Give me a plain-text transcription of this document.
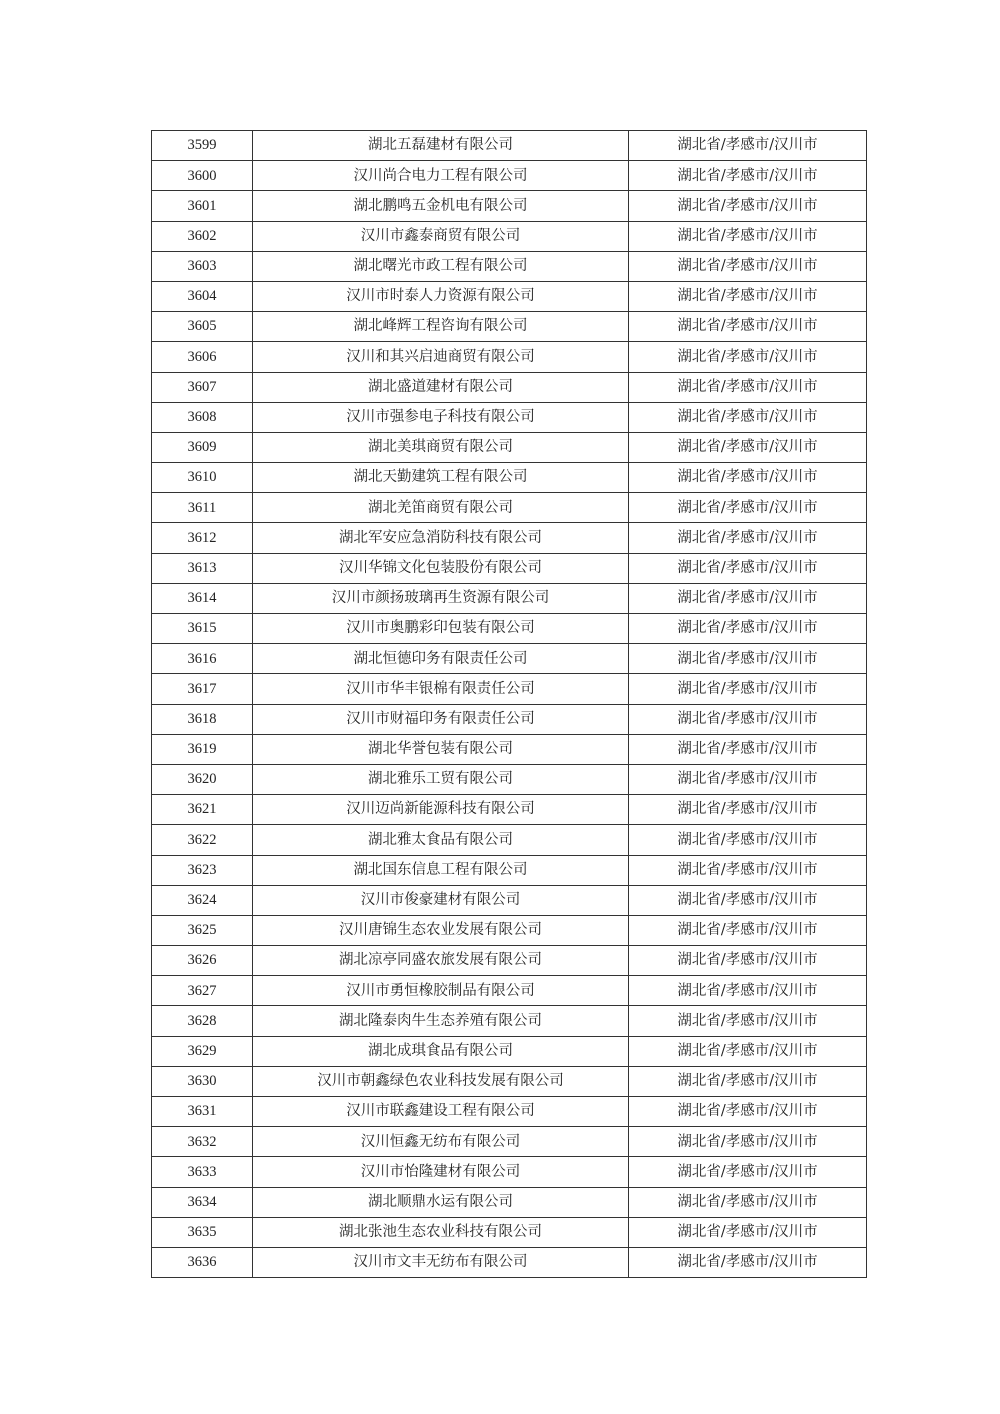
3599	湖北五磊建材有限公司	湖北省/孝感市/汉川市
3600	汉川尚合电力工程有限公司	湖北省/孝感市/汉川市
3601	湖北鹏鸣五金机电有限公司	湖北省/孝感市/汉川市
3602	汉川市鑫泰商贸有限公司	湖北省/孝感市/汉川市
3603	湖北曙光市政工程有限公司	湖北省/孝感市/汉川市
3604	汉川市时泰人力资源有限公司	湖北省/孝感市/汉川市
3605	湖北峰辉工程咨询有限公司	湖北省/孝感市/汉川市
3606	汉川和其兴启迪商贸有限公司	湖北省/孝感市/汉川市
3607	湖北盛道建材有限公司	湖北省/孝感市/汉川市
3608	汉川市强参电子科技有限公司	湖北省/孝感市/汉川市
3609	湖北美琪商贸有限公司	湖北省/孝感市/汉川市
3610	湖北天勤建筑工程有限公司	湖北省/孝感市/汉川市
3611	湖北羌笛商贸有限公司	湖北省/孝感市/汉川市
3612	湖北军安应急消防科技有限公司	湖北省/孝感市/汉川市
3613	汉川华锦文化包装股份有限公司	湖北省/孝感市/汉川市
3614	汉川市颜扬玻璃再生资源有限公司	湖北省/孝感市/汉川市
3615	汉川市奥鹏彩印包装有限公司	湖北省/孝感市/汉川市
3616	湖北恒德印务有限责任公司	湖北省/孝感市/汉川市
3617	汉川市华丰银棉有限责任公司	湖北省/孝感市/汉川市
3618	汉川市财福印务有限责任公司	湖北省/孝感市/汉川市
3619	湖北华誉包装有限公司	湖北省/孝感市/汉川市
3620	湖北雅乐工贸有限公司	湖北省/孝感市/汉川市
3621	汉川迈尚新能源科技有限公司	湖北省/孝感市/汉川市
3622	湖北雅太食品有限公司	湖北省/孝感市/汉川市
3623	湖北国东信息工程有限公司	湖北省/孝感市/汉川市
3624	汉川市俊豪建材有限公司	湖北省/孝感市/汉川市
3625	汉川唐锦生态农业发展有限公司	湖北省/孝感市/汉川市
3626	湖北凉亭同盛农旅发展有限公司	湖北省/孝感市/汉川市
3627	汉川市勇恒橡胶制品有限公司	湖北省/孝感市/汉川市
3628	湖北隆泰肉牛生态养殖有限公司	湖北省/孝感市/汉川市
3629	湖北成琪食品有限公司	湖北省/孝感市/汉川市
3630	汉川市朝鑫绿色农业科技发展有限公司	湖北省/孝感市/汉川市
3631	汉川市联鑫建设工程有限公司	湖北省/孝感市/汉川市
3632	汉川恒鑫无纺布有限公司	湖北省/孝感市/汉川市
3633	汉川市怡隆建材有限公司	湖北省/孝感市/汉川市
3634	湖北顺鼎水运有限公司	湖北省/孝感市/汉川市
3635	湖北张池生态农业科技有限公司	湖北省/孝感市/汉川市
3636	汉川市文丰无纺布有限公司	湖北省/孝感市/汉川市
